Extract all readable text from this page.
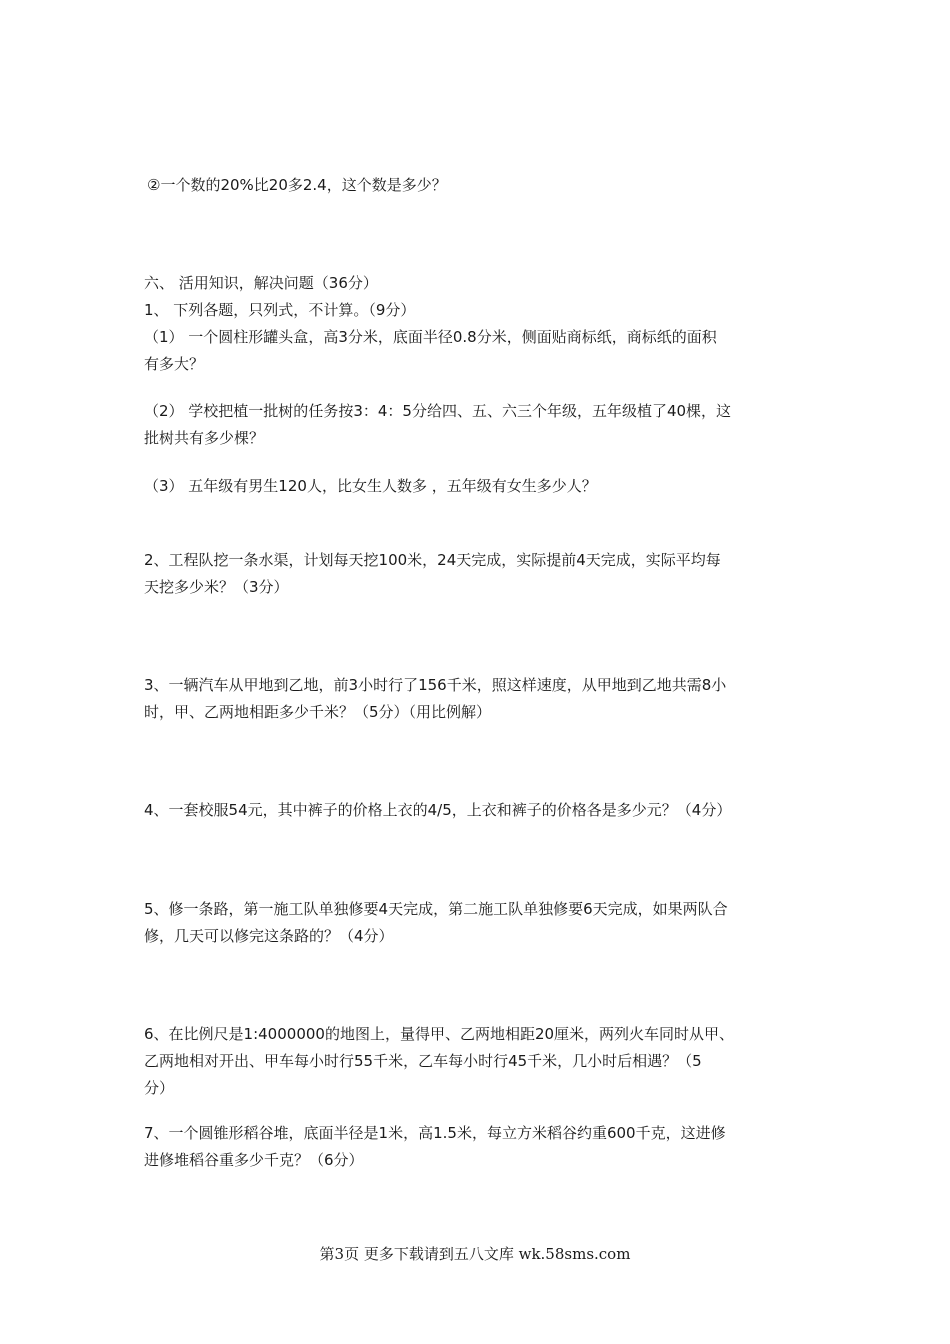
②一个数的20%比20多2.4，这个数是多少？
六、 活用知识，解决问题（36分）
1、 下列各题，只列式，不计算。（9分）
（1） 一个圆柱形罐头盒，高3分米，底面半径0.8分米，侧面贴商标纸，商标纸的面积
有多大？
（2） 学校把植一批树的任务按3：4：5分给四、五、六三个年级，五年级植了40棵，这
批树共有多少棵？
（3） 五年级有男生120人，比女生人数多 ，五年级有女生多少人？
2、工程队挖一条水渠，计划每天挖100米，24天完成，实际提前4天完成，实际平均每
天挖多少米？（3分）
3、一辆汽车从甲地到乙地，前3小时行了156千米，照这样速度，从甲地到乙地共需8小
时，甲、乙两地相距多少千米？（5分）（用比例解）
4、一套校服54元，其中裤子的价格上衣的4/5，上衣和裤子的价格各是多少元？（4分）
5、修一条路，第一施工队单独修要4天完成，第二施工队单独修要6天完成，如果两队合
修，几天可以修完这条路的？（4分）
6、在比例尺是1:4000000的地图上，量得甲、乙两地相距20厘米，两列火车同时从甲、
乙两地相对开出、甲车每小时行55千米，乙车每小时行45千米，几小时后相遇？（5
分）
7、一个圆锥形稻谷堆，底面半径是1米，高1.5米，每立方米稻谷约重600千克，这进修
进修堆稻谷重多少千克？（6分）
第3页 更多下载请到五八文库 wk.58sms.com
